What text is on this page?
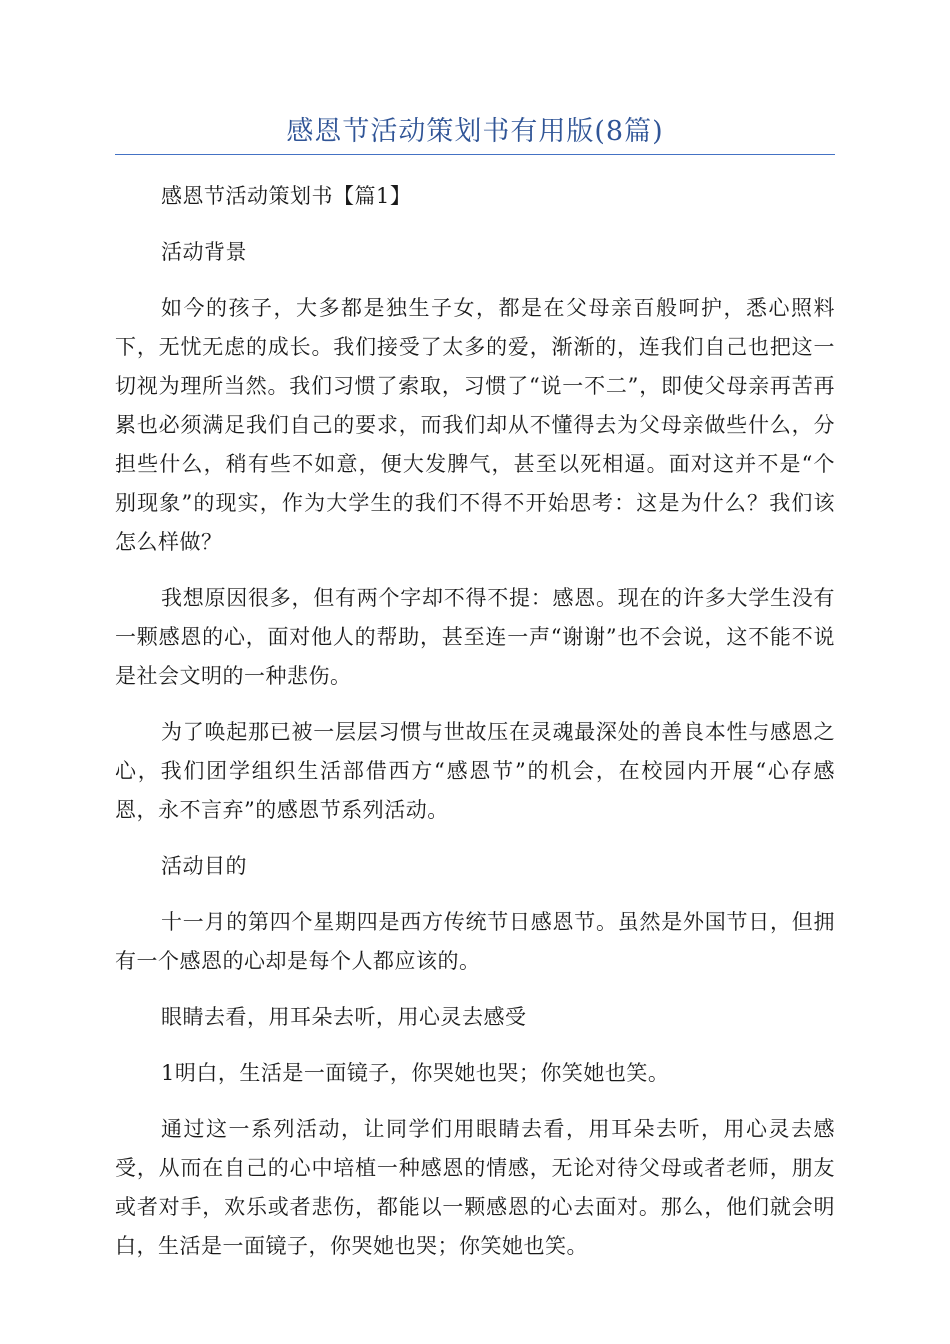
感恩节活动策划书有用版(8篇)

感恩节活动策划书【篇1】

活动背景

如今的孩子，大多都是独生子女，都是在父母亲百般呵护，悉心照料下，无忧无虑的成长。我们接受了太多的爱，渐渐的，连我们自己也把这一切视为理所当然。我们习惯了索取，习惯了“说一不二”，即使父母亲再苦再累也必须满足我们自己的要求，而我们却从不懂得去为父母亲做些什么，分担些什么，稍有些不如意，便大发脾气，甚至以死相逼。面对这并不是“个别现象”的现实，作为大学生的我们不得不开始思考：这是为什么？我们该怎么样做？

我想原因很多，但有两个字却不得不提：感恩。现在的许多大学生没有一颗感恩的心，面对他人的帮助，甚至连一声“谢谢”也不会说，这不能不说是社会文明的一种悲伤。

为了唤起那已被一层层习惯与世故压在灵魂最深处的善良本性与感恩之心，我们团学组织生活部借西方“感恩节”的机会，在校园内开展“心存感恩，永不言弃”的感恩节系列活动。

活动目的

十一月的第四个星期四是西方传统节日感恩节。虽然是外国节日，但拥有一个感恩的心却是每个人都应该的。

眼睛去看，用耳朵去听，用心灵去感受

1明白，生活是一面镜子，你哭她也哭；你笑她也笑。

通过这一系列活动，让同学们用眼睛去看，用耳朵去听，用心灵去感受，从而在自己的心中培植一种感恩的情感，无论对待父母或者老师，朋友或者对手，欢乐或者悲伤，都能以一颗感恩的心去面对。那么，他们就会明白，生活是一面镜子，你哭她也哭；你笑她也笑。
